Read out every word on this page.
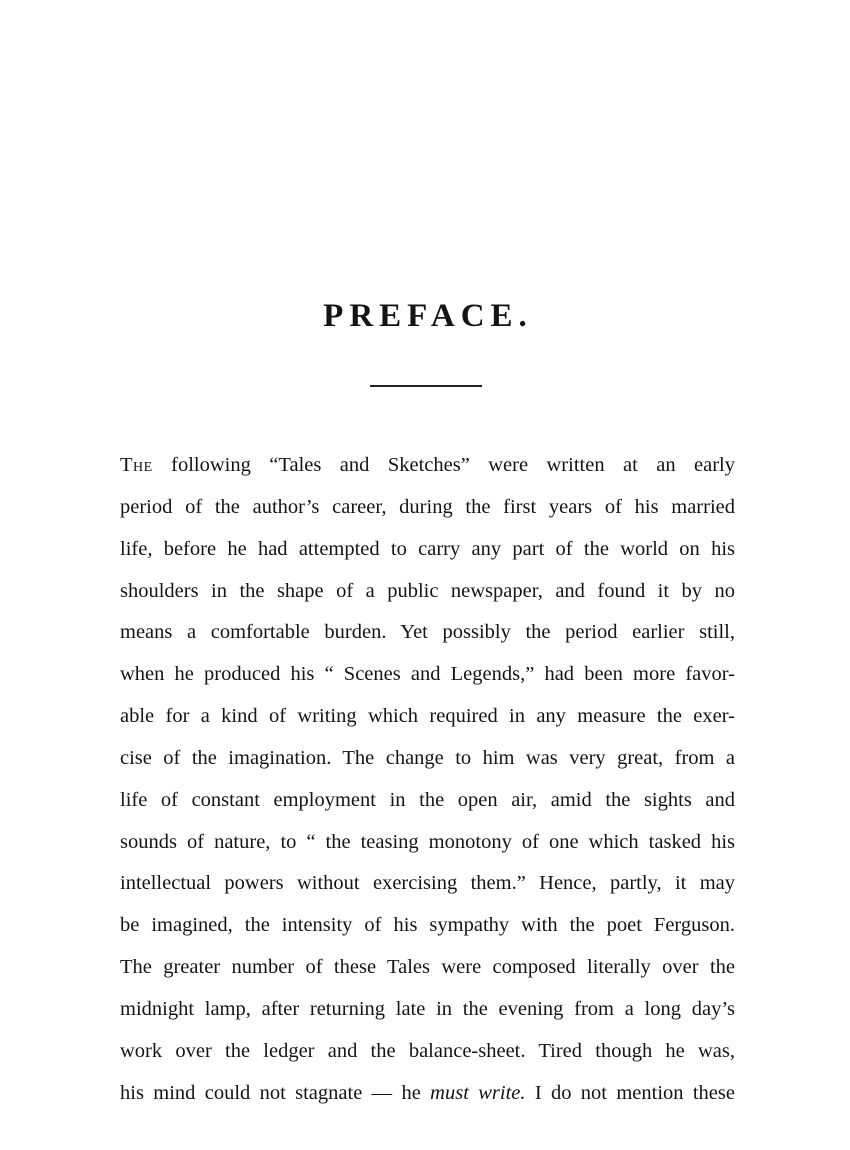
PREFACE.
The following “Tales and Sketches” were written at an early
period of the author’s career, during the first years of his married
life, before he had attempted to carry any part of the world on his
shoulders in the shape of a public newspaper, and found it by no
means a comfortable burden. Yet possibly the period earlier still,
when he produced his “ Scenes and Legends,” had been more favor-
able for a kind of writing which required in any measure the exer-
cise of the imagination. The change to him was very great, from a
life of constant employment in the open air, amid the sights and
sounds of nature, to “ the teasing monotony of one which tasked his
intellectual powers without exercising them.” Hence, partly, it may
be imagined, the intensity of his sympathy with the poet Ferguson.
The greater number of these Tales were composed literally over the
midnight lamp, after returning late in the evening from a long day’s
work over the ledger and the balance-sheet. Tired though he was,
his mind could not stagnate — he must write. I do not mention these
